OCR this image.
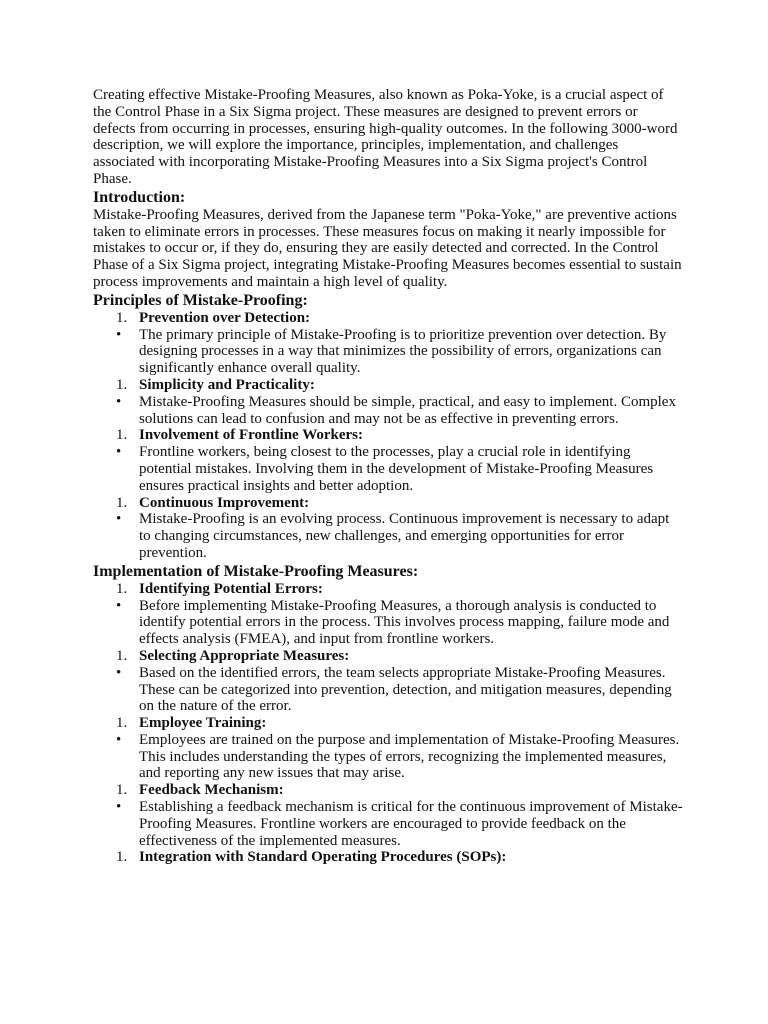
Creating effective Mistake-Proofing Measures, also known as Poka-Yoke, is a crucial aspect of the Control Phase in a Six Sigma project. These measures are designed to prevent errors or defects from occurring in processes, ensuring high-quality outcomes. In the following 3000-word description, we will explore the importance, principles, implementation, and challenges associated with incorporating Mistake-Proofing Measures into a Six Sigma project's Control Phase.

Introduction:

Mistake-Proofing Measures, derived from the Japanese term "Poka-Yoke," are preventive actions taken to eliminate errors in processes. These measures focus on making it nearly impossible for mistakes to occur or, if they do, ensuring they are easily detected and corrected. In the Control Phase of a Six Sigma project, integrating Mistake-Proofing Measures becomes essential to sustain process improvements and maintain a high level of quality.

Principles of Mistake-Proofing:
1. Prevention over Detection:
• The primary principle of Mistake-Proofing is to prioritize prevention over detection. By designing processes in a way that minimizes the possibility of errors, organizations can significantly enhance overall quality.
1. Simplicity and Practicality:
• Mistake-Proofing Measures should be simple, practical, and easy to implement. Complex solutions can lead to confusion and may not be as effective in preventing errors.
1. Involvement of Frontline Workers:
• Frontline workers, being closest to the processes, play a crucial role in identifying potential mistakes. Involving them in the development of Mistake-Proofing Measures ensures practical insights and better adoption.
1. Continuous Improvement:
• Mistake-Proofing is an evolving process. Continuous improvement is necessary to adapt to changing circumstances, new challenges, and emerging opportunities for error prevention.
Implementation of Mistake-Proofing Measures:
1. Identifying Potential Errors:
• Before implementing Mistake-Proofing Measures, a thorough analysis is conducted to identify potential errors in the process. This involves process mapping, failure mode and effects analysis (FMEA), and input from frontline workers.
1. Selecting Appropriate Measures:
• Based on the identified errors, the team selects appropriate Mistake-Proofing Measures. These can be categorized into prevention, detection, and mitigation measures, depending on the nature of the error.
1. Employee Training:
• Employees are trained on the purpose and implementation of Mistake-Proofing Measures. This includes understanding the types of errors, recognizing the implemented measures, and reporting any new issues that may arise.
1. Feedback Mechanism:
• Establishing a feedback mechanism is critical for the continuous improvement of Mistake-Proofing Measures. Frontline workers are encouraged to provide feedback on the effectiveness of the implemented measures.
1. Integration with Standard Operating Procedures (SOPs):
